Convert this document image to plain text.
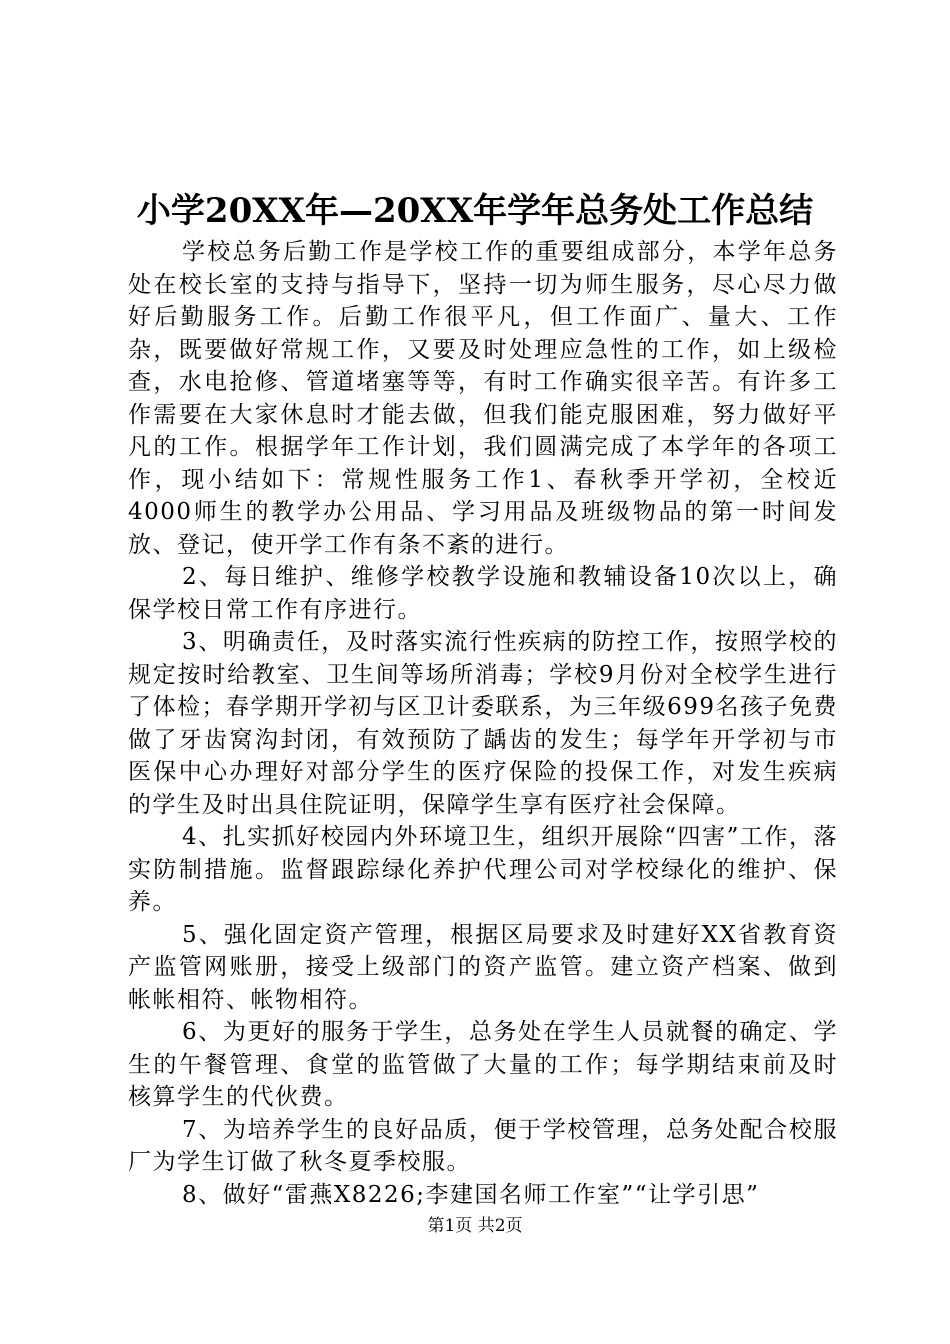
小学20XX年—20XX年学年总务处工作总结

学校总务后勤工作是学校工作的重要组成部分，本学年总务处在校长室的支持与指导下，坚持一切为师生服务，尽心尽力做好后勤服务工作。后勤工作很平凡，但工作面广、量大、工作杂，既要做好常规工作，又要及时处理应急性的工作，如上级检查，水电抢修、管道堵塞等等，有时工作确实很辛苦。有许多工作需要在大家休息时才能去做，但我们能克服困难，努力做好平凡的工作。根据学年工作计划，我们圆满完成了本学年的各项工作，现小结如下：常规性服务工作1、春秋季开学初，全校近4000师生的教学办公用品、学习用品及班级物品的第一时间发放、登记，使开学工作有条不紊的进行。

2、每日维护、维修学校教学设施和教辅设备10次以上，确保学校日常工作有序进行。

3、明确责任，及时落实流行性疾病的防控工作，按照学校的规定按时给教室、卫生间等场所消毒；学校9月份对全校学生进行了体检；春学期开学初与区卫计委联系，为三年级699名孩子免费做了牙齿窝沟封闭，有效预防了龋齿的发生；每学年开学初与市医保中心办理好对部分学生的医疗保险的投保工作，对发生疾病的学生及时出具住院证明，保障学生享有医疗社会保障。

4、扎实抓好校园内外环境卫生，组织开展除“四害”工作，落实防制措施。监督跟踪绿化养护代理公司对学校绿化的维护、保养。

5、强化固定资产管理，根据区局要求及时建好XX省教育资产监管网账册，接受上级部门的资产监管。建立资产档案、做到帐帐相符、帐物相符。

6、为更好的服务于学生，总务处在学生人员就餐的确定、学生的午餐管理、食堂的监管做了大量的工作；每学期结束前及时核算学生的代伙费。

7、为培养学生的良好品质，便于学校管理，总务处配合校服厂为学生订做了秋冬夏季校服。

8、做好“雷燕X8226;李建国名师工作室”“让学引思”

第1页 共2页
